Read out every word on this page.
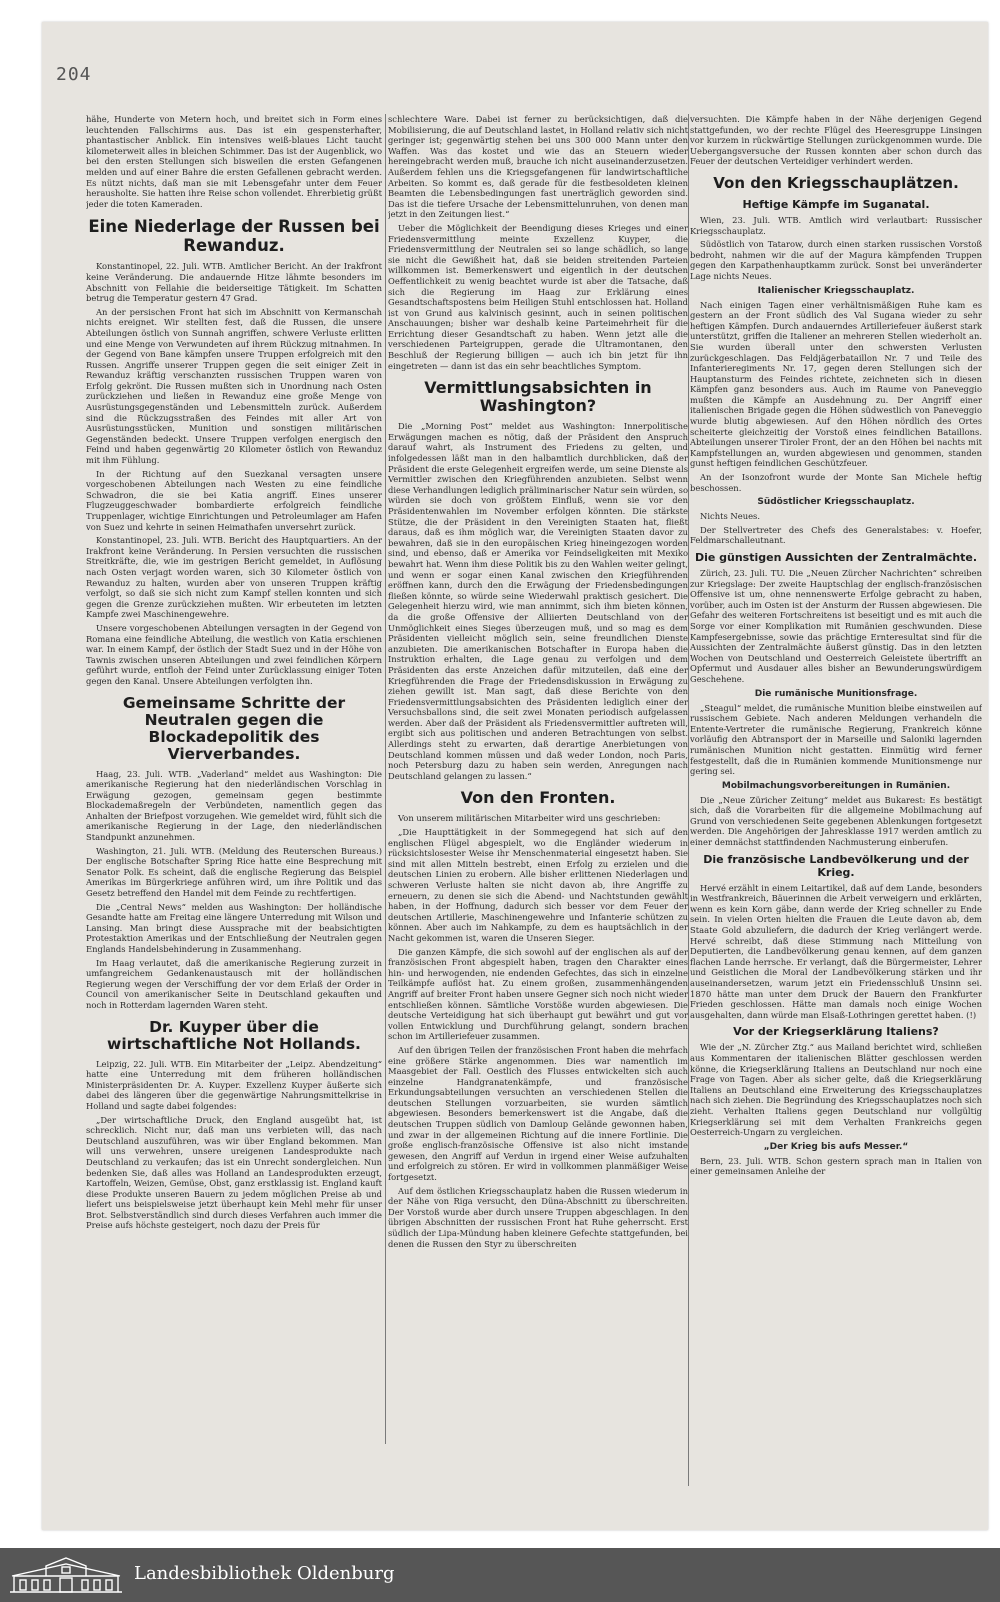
204

hähe, Hunderte von Metern hoch, und breitet sich in Form eines leuchtenden Fallschirms aus. Das ist ein gespensterhafter, phantastischer Anblick. Ein intensives weiß-blaues Licht taucht kilometerweit alles in bleichen Schimmer. Das ist der Augenblick, wo bei den ersten Stellungen sich bisweilen die ersten Gefangenen melden und auf einer Bahre die ersten Gefallenen gebracht werden. Es nützt nichts, daß man sie mit Lebensgefahr unter dem Feuer herausholte. Sie hatten ihre Reise schon vollendet. Ehrerbietig grüßt jeder die toten Kameraden.

Eine Niederlage der Russen bei Rewanduz.

Konstantinopel, 22. Juli. WTB. Amtlicher Bericht. An der Irakfront keine Veränderung. Die andauernde Hitze lähmte besonders im Abschnitt von Fellahie die beiderseitige Tätigkeit. Im Schatten betrug die Temperatur gestern 47 Grad.

An der persischen Front hat sich im Abschnitt von Kermanschah nichts ereignet. Wir stellten fest, daß die Russen, die unsere Abteilungen östlich von Sunnah angriffen, schwere Verluste erlitten und eine Menge von Verwundeten auf ihrem Rückzug mitnahmen. In der Gegend von Bane kämpfen unsere Truppen erfolgreich mit den Russen. Angriffe unserer Truppen gegen die seit einiger Zeit in Rewanduz kräftig verschanzten russischen Truppen waren von Erfolg gekrönt. Die Russen mußten sich in Unordnung nach Osten zurückziehen und ließen in Rewanduz eine große Menge von Ausrüstungsgegenständen und Lebensmitteln zurück. Außerdem sind die Rückzugsstraßen des Feindes mit aller Art von Ausrüstungsstücken, Munition und sonstigen militärischen Gegenständen bedeckt. Unsere Truppen verfolgen energisch den Feind und haben gegenwärtig 20 Kilometer östlich von Rewanduz mit ihm Fühlung.

In der Richtung auf den Suezkanal versagten unsere vorgeschobenen Abteilungen nach Westen zu eine feindliche Schwadron, die sie bei Katia angriff. Eines unserer Flugzeuggeschwader bombardierte erfolgreich feindliche Truppenlager, wichtige Einrichtungen und Petroleumlager am Hafen von Suez und kehrte in seinen Heimathafen unversehrt zurück.

Konstantinopel, 23. Juli. WTB. Bericht des Hauptquartiers. An der Irakfront keine Veränderung. In Persien versuchten die russischen Streitkräfte, die, wie im gestrigen Bericht gemeldet, in Auflösung nach Osten verjagt worden waren, sich 30 Kilometer östlich von Rewanduz zu halten, wurden aber von unseren Truppen kräftig verfolgt, so daß sie sich nicht zum Kampf stellen konnten und sich gegen die Grenze zurückziehen mußten. Wir erbeuteten im letzten Kampfe zwei Maschinengewehre.

Unsere vorgeschobenen Abteilungen versagten in der Gegend von Romana eine feindliche Abteilung, die westlich von Katia erschienen war. In einem Kampf, der östlich der Stadt Suez und in der Höhe von Tawnis zwischen unseren Abteilungen und zwei feindlichen Körpern geführt wurde, entfloh der Feind unter Zurücklassung einiger Toten gegen den Kanal. Unsere Abteilungen verfolgten ihn.

Gemeinsame Schritte der Neutralen gegen die Blockadepolitik des Vierverbandes.

Haag, 23. Juli. WTB. „Vaderland“ meldet aus Washington: Die amerikanische Regierung hat den niederländischen Vorschlag in Erwägung gezogen, gemeinsam gegen bestimmte Blockademaßregeln der Verbündeten, namentlich gegen das Anhalten der Briefpost vorzugehen. Wie gemeldet wird, fühlt sich die amerikanische Regierung in der Lage, den niederländischen Standpunkt anzunehmen.

Washington, 21. Juli. WTB. (Meldung des Reuterschen Bureaus.) Der englische Botschafter Spring Rice hatte eine Besprechung mit Senator Polk. Es scheint, daß die englische Regierung das Beispiel Amerikas im Bürgerkriege anführen wird, um ihre Politik und das Gesetz betreffend den Handel mit dem Feinde zu rechtfertigen.

Die „Central News“ melden aus Washington: Der holländische Gesandte hatte am Freitag eine längere Unterredung mit Wilson und Lansing. Man bringt diese Aussprache mit der beabsichtigten Protestaktion Amerikas und der Entschließung der Neutralen gegen Englands Handelsbehinderung in Zusammenhang.

Im Haag verlautet, daß die amerikanische Regierung zurzeit in umfangreichem Gedankenaustausch mit der holländischen Regierung wegen der Verschiffung der vor dem Erlaß der Order in Council von amerikanischer Seite in Deutschland gekauften und noch in Rotterdam lagernden Waren steht.

Dr. Kuyper über die wirtschaftliche Not Hollands.

Leipzig, 22. Juli. WTB. Ein Mitarbeiter der „Leipz. Abendzeitung“ hatte eine Unterredung mit dem früheren holländischen Ministerpräsidenten Dr. A. Kuyper. Exzellenz Kuyper äußerte sich dabei des längeren über die gegenwärtige Nahrungsmittelkrise in Holland und sagte dabei folgendes:

„Der wirtschaftliche Druck, den England ausgeübt hat, ist schrecklich. Nicht nur, daß man uns verbieten will, das nach Deutschland auszuführen, was wir über England bekommen. Man will uns verwehren, unsere ureigenen Landesprodukte nach Deutschland zu verkaufen; das ist ein Unrecht sondergleichen. Nun bedenken Sie, daß alles was Holland an Landesprodukten erzeugt, Kartoffeln, Weizen, Gemüse, Obst, ganz erstklassig ist. England kauft diese Produkte unseren Bauern zu jedem möglichen Preise ab und liefert uns beispielsweise jetzt überhaupt kein Mehl mehr für unser Brot. Selbstverständlich sind durch dieses Verfahren auch immer die Preise aufs höchste gesteigert, noch dazu der Preis für

schlechtere Ware. Dabei ist ferner zu berücksichtigen, daß die Mobilisierung, die auf Deutschland lastet, in Holland relativ sich nicht geringer ist; gegenwärtig stehen bei uns 300 000 Mann unter den Waffen. Was das kostet und wie das an Steuern wieder hereingebracht werden muß, brauche ich nicht auseinanderzusetzen. Außerdem fehlen uns die Kriegsgefangenen für landwirtschaftliche Arbeiten. So kommt es, daß gerade für die festbesoldeten kleinen Beamten die Lebensbedingungen fast unerträglich geworden sind. Das ist die tiefere Ursache der Lebensmittelunruhen, von denen man jetzt in den Zeitungen liest.“

Ueber die Möglichkeit der Beendigung dieses Krieges und einer Friedensvermittlung meinte Exzellenz Kuyper, die Friedensvermittlung der Neutralen sei so lange schädlich, so lange sie nicht die Gewißheit hat, daß sie beiden streitenden Parteien willkommen ist. Bemerkenswert und eigentlich in der deutschen Oeffentlichkeit zu wenig beachtet wurde ist aber die Tatsache, daß sich die Regierung im Haag zur Erklärung eines Gesandtschaftspostens beim Heiligen Stuhl entschlossen hat. Holland ist von Grund aus kalvinisch gesinnt, auch in seinen politischen Anschauungen; bisher war deshalb keine Parteimehrheit für die Errichtung dieser Gesandtschaft zu haben. Wenn jetzt alle die verschiedenen Parteigruppen, gerade die Ultramontanen, den Beschluß der Regierung billigen — auch ich bin jetzt für ihn eingetreten — dann ist das ein sehr beachtliches Symptom.

Vermittlungsabsichten in Washington?

Die „Morning Post“ meldet aus Washington: Innerpolitische Erwägungen machen es nötig, daß der Präsident den Anspruch darauf wahrt, als Instrument des Friedens zu gelten, und infolgedessen läßt man in den halbamtlich durchblicken, daß der Präsident die erste Gelegenheit ergreifen werde, um seine Dienste als Vermittler zwischen den Kriegführenden anzubieten. Selbst wenn diese Verhandlungen lediglich präliminarischer Natur sein würden, so würden sie doch von größtem Einfluß, wenn sie vor den Präsidentenwahlen im November erfolgen könnten. Die stärkste Stütze, die der Präsident in den Vereinigten Staaten hat, fließt daraus, daß es ihm möglich war, die Vereinigten Staaten davor zu bewahren, daß sie in den europäischen Krieg hineingezogen worden sind, und ebenso, daß er Amerika vor Feindseligkeiten mit Mexiko bewahrt hat. Wenn ihm diese Politik bis zu den Wahlen weiter gelingt, und wenn er sogar einen Kanal zwischen den Kriegführenden eröffnen kann, durch den die Erwägung der Friedensbedingungen fließen könnte, so würde seine Wiederwahl praktisch gesichert. Die Gelegenheit hierzu wird, wie man annimmt, sich ihm bieten können, da die große Offensive der Alliierten Deutschland von der Unmöglichkeit eines Sieges überzeugen muß, und so mag es dem Präsidenten vielleicht möglich sein, seine freundlichen Dienste anzubieten. Die amerikanischen Botschafter in Europa haben die Instruktion erhalten, die Lage genau zu verfolgen und dem Präsidenten das erste Anzeichen dafür mitzuteilen, daß eine der Kriegführenden die Frage der Friedensdiskussion in Erwägung zu ziehen gewillt ist. Man sagt, daß diese Berichte von den Friedensvermittlungsabsichten des Präsidenten lediglich einer der Versuchsballons sind, die seit zwei Monaten periodisch aufgelassen werden. Aber daß der Präsident als Friedensvermittler auftreten will, ergibt sich aus politischen und anderen Betrachtungen von selbst. Allerdings steht zu erwarten, daß derartige Anerbietungen von Deutschland kommen müssen und daß weder London, noch Paris, noch Petersburg dazu zu haben sein werden, Anregungen nach Deutschland gelangen zu lassen.“

Von den Fronten.

Von unserem militärischen Mitarbeiter wird uns geschrieben:

„Die Haupttätigkeit in der Sommegegend hat sich auf den englischen Flügel abgespielt, wo die Engländer wiederum in rücksichtslosester Weise ihr Menschenmaterial eingesetzt haben. Sie sind mit allen Mitteln bestrebt, einen Erfolg zu erzielen und die deutschen Linien zu erobern. Alle bisher erlittenen Niederlagen und schweren Verluste halten sie nicht davon ab, ihre Angriffe zu erneuern, zu denen sie sich die Abend- und Nachtstunden gewählt haben, in der Hoffnung, dadurch sich besser vor dem Feuer der deutschen Artillerie, Maschinengewehre und Infanterie schützen zu können. Aber auch im Nahkampfe, zu dem es hauptsächlich in der Nacht gekommen ist, waren die Unseren Sieger.

Die ganzen Kämpfe, die sich sowohl auf der englischen als auf der französischen Front abgespielt haben, tragen den Charakter eines hin- und herwogenden, nie endenden Gefechtes, das sich in einzelne Teilkämpfe auflöst hat. Zu einem großen, zusammenhängenden Angriff auf breiter Front haben unsere Gegner sich noch nicht wieder entschließen können. Sämtliche Vorstöße wurden abgewiesen. Die deutsche Verteidigung hat sich überhaupt gut bewährt und gut vor vollen Entwicklung und Durchführung gelangt, sondern brachen schon im Artilleriefeuer zusammen.

Auf den übrigen Teilen der französischen Front haben die mehrfach eine größere Stärke angenommen. Dies war namentlich im Maasgebiet der Fall. Oestlich des Flusses entwickelten sich auch einzelne Handgranatenkämpfe, und französische Erkundungsabteilungen versuchten an verschiedenen Stellen die deutschen Stellungen vorzuarbeiten, sie wurden sämtlich abgewiesen. Besonders bemerkenswert ist die Angabe, daß die deutschen Truppen südlich von Damloup Gelände gewonnen haben, und zwar in der allgemeinen Richtung auf die innere Fortlinie. Die große englisch-französische Offensive ist also nicht imstande gewesen, den Angriff auf Verdun in irgend einer Weise aufzuhalten und erfolgreich zu stören. Er wird in vollkommen planmäßiger Weise fortgesetzt.

Auf dem östlichen Kriegsschauplatz haben die Russen wiederum in der Nähe von Riga versucht, den Düna-Abschnitt zu überschreiten. Der Vorstoß wurde aber durch unsere Truppen abgeschlagen. In den übrigen Abschnitten der russischen Front hat Ruhe geherrscht. Erst südlich der Lipa-Mündung haben kleinere Gefechte stattgefunden, bei denen die Russen den Styr zu überschreiten

versuchten. Die Kämpfe haben in der Nähe derjenigen Gegend stattgefunden, wo der rechte Flügel des Heeresgruppe Linsingen vor kurzem in rückwärtige Stellungen zurückgenommen wurde. Die Uebergangsversuche der Russen konnten aber schon durch das Feuer der deutschen Verteidiger verhindert werden.

Von den Kriegsschauplätzen.
Heftige Kämpfe im Suganatal.

Wien, 23. Juli. WTB. Amtlich wird verlautbart: Russischer Kriegsschauplatz.

Südöstlich von Tatarow, durch einen starken russischen Vorstoß bedroht, nahmen wir die auf der Magura kämpfenden Truppen gegen den Karpathenhauptkamm zurück. Sonst bei unveränderter Lage nichts Neues.

Italienischer Kriegsschauplatz.

Nach einigen Tagen einer verhältnismäßigen Ruhe kam es gestern an der Front südlich des Val Sugana wieder zu sehr heftigen Kämpfen. Durch andauerndes Artilleriefeuer äußerst stark unterstützt, griffen die Italiener an mehreren Stellen wiederholt an. Sie wurden überall unter den schwersten Verlusten zurückgeschlagen. Das Feldjägerbataillon Nr. 7 und Teile des Infanterieregiments Nr. 17, gegen deren Stellungen sich der Hauptansturm des Feindes richtete, zeichneten sich in diesen Kämpfen ganz besonders aus. Auch im Raume von Paneveggio mußten die Kämpfe an Ausdehnung zu. Der Angriff einer italienischen Brigade gegen die Höhen südwestlich von Paneveggio wurde blutig abgewiesen. Auf den Höhen nördlich des Ortes scheiterte gleichzeitig der Vorstoß eines feindlichen Bataillons. Abteilungen unserer Tiroler Front, der an den Höhen bei nachts mit Kampfstellungen an, wurden abgewiesen und genommen, standen gunst heftigen feindlichen Geschützfeuer.

An der Isonzofront wurde der Monte San Michele heftig beschossen.

Südöstlicher Kriegsschauplatz.

Nichts Neues.

Der Stellvertreter des Chefs des Generalstabes: v. Hoefer, Feldmarschalleutnant.

Die günstigen Aussichten der Zentralmächte.

Zürich, 23. Juli. TU. Die „Neuen Zürcher Nachrichten“ schreiben zur Kriegslage: Der zweite Hauptschlag der englisch-französischen Offensive ist um, ohne nennenswerte Erfolge gebracht zu haben, vorüber, auch im Osten ist der Ansturm der Russen abgewiesen. Die Gefahr des weiteren Fortschreitens ist beseitigt und es mit auch die Sorge vor einer Komplikation mit Rumänien geschwunden. Diese Kampfesergebnisse, sowie das prächtige Ernteresultat sind für die Aussichten der Zentralmächte äußerst günstig. Das in den letzten Wochen von Deutschland und Oesterreich Geleistete übertrifft an Opfermut und Ausdauer alles bisher an Bewunderungswürdigem Geschehene.

Die rumänische Munitionsfrage.

„Steagul“ meldet, die rumänische Munition bleibe einstweilen auf russischem Gebiete. Nach anderen Meldungen verhandeln die Entente-Vertreter die rumänische Regierung, Frankreich könne vorläufig den Abtransport der in Marseille und Saloniki lagernden rumänischen Munition nicht gestatten. Einmütig wird ferner festgestellt, daß die in Rumänien kommende Munitionsmenge nur gering sei.

Mobilmachungsvorbereitungen in Rumänien.

Die „Neue Züricher Zeitung“ meldet aus Bukarest: Es bestätigt sich, daß die Vorarbeiten für die allgemeine Mobilmachung auf Grund von verschiedenen Seite gegebenen Ablenkungen fortgesetzt werden. Die Angehörigen der Jahresklasse 1917 werden amtlich zu einer demnächst stattfindenden Nachmusterung einberufen.

Die französische Landbevölkerung und der Krieg.

Hervé erzählt in einem Leitartikel, daß auf dem Lande, besonders in Westfrankreich, Bäuerinnen die Arbeit verweigern und erklärten, wenn es kein Korn gäbe, dann werde der Krieg schneller zu Ende sein. In vielen Orten hielten die Frauen die Leute davon ab, dem Staate Gold abzuliefern, die dadurch der Krieg verlängert werde. Hervé schreibt, daß diese Stimmung nach Mitteilung von Deputierten, die Landbevölkerung genau kennen, auf dem ganzen flachen Lande herrsche. Er verlangt, daß die Bürgermeister, Lehrer und Geistlichen die Moral der Landbevölkerung stärken und ihr auseinandersetzen, warum jetzt ein Friedensschluß Unsinn sei. 1870 hätte man unter dem Druck der Bauern den Frankfurter Frieden geschlossen. Hätte man damals noch einige Wochen ausgehalten, dann würde man Elsaß-Lothringen gerettet haben. (!)

Vor der Kriegserklärung Italiens?

Wie der „N. Zürcher Ztg.“ aus Mailand berichtet wird, schließen aus Kommentaren der italienischen Blätter geschlossen werden könne, die Kriegserklärung Italiens an Deutschland nur noch eine Frage von Tagen. Aber als sicher gelte, daß die Kriegserklärung Italiens an Deutschland eine Erweiterung des Kriegsschauplatzes nach sich ziehen. Die Begründung des Kriegsschauplatzes noch sich zieht. Verhalten Italiens gegen Deutschland nur vollgültig Kriegserklärung sei mit dem Verhalten Frankreichs gegen Oesterreich-Ungarn zu vergleichen.

„Der Krieg bis aufs Messer.“

Bern, 23. Juli. WTB. Schon gestern sprach man in Italien von einer gemeinsamen Anleihe der

Landesbibliothek Oldenburg
